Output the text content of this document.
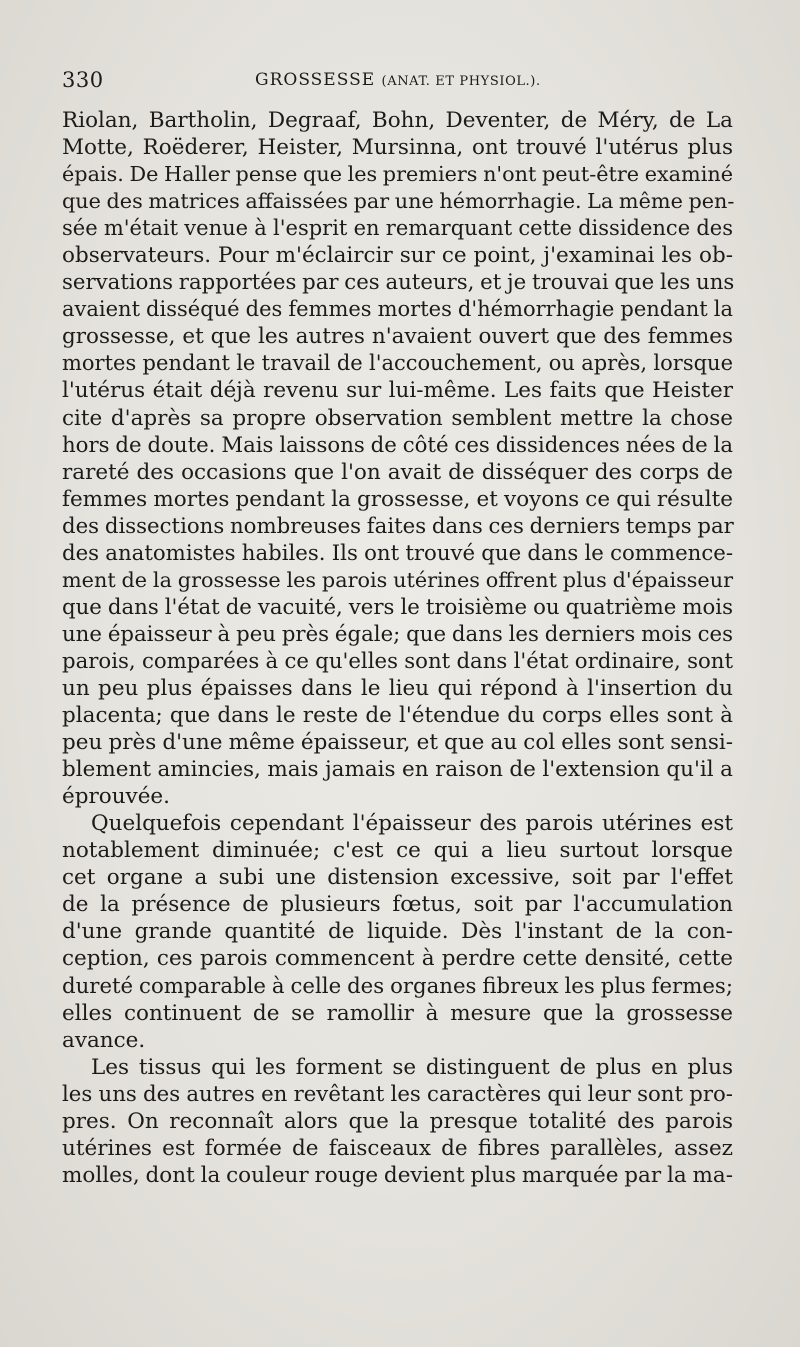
330	GROSSESSE (ANAT. ET PHYSIOL.).
Riolan, Bartholin, Degraaf, Bohn, Deventer, de Méry, de La
Motte, Roëderer, Heister, Mursinna, ont trouvé l'utérus plus
épais. De Haller pense que les premiers n'ont peut-être examiné
que des matrices affaissées par une hémorrhagie. La même pen-
sée m'était venue à l'esprit en remarquant cette dissidence des
observateurs. Pour m'éclaircir sur ce point, j'examinai les ob-
servations rapportées par ces auteurs, et je trouvai que les uns
avaient disséqué des femmes mortes d'hémorrhagie pendant la
grossesse, et que les autres n'avaient ouvert que des femmes
mortes pendant le travail de l'accouchement, ou après, lorsque
l'utérus était déjà revenu sur lui-même. Les faits que Heister
cite d'après sa propre observation semblent mettre la chose
hors de doute. Mais laissons de côté ces dissidences nées de la
rareté des occasions que l'on avait de disséquer des corps de
femmes mortes pendant la grossesse, et voyons ce qui résulte
des dissections nombreuses faites dans ces derniers temps par
des anatomistes habiles. Ils ont trouvé que dans le commence-
ment de la grossesse les parois utérines offrent plus d'épaisseur
que dans l'état de vacuité, vers le troisième ou quatrième mois
une épaisseur à peu près égale; que dans les derniers mois ces
parois, comparées à ce qu'elles sont dans l'état ordinaire, sont
un peu plus épaisses dans le lieu qui répond à l'insertion du
placenta; que dans le reste de l'étendue du corps elles sont à
peu près d'une même épaisseur, et que au col elles sont sensi-
blement amincies, mais jamais en raison de l'extension qu'il a
éprouvée.
Quelquefois cependant l'épaisseur des parois utérines est
notablement diminuée; c'est ce qui a lieu surtout lorsque
cet organe a subi une distension excessive, soit par l'effet
de la présence de plusieurs fœtus, soit par l'accumulation
d'une grande quantité de liquide. Dès l'instant de la con-
ception, ces parois commencent à perdre cette densité, cette
dureté comparable à celle des organes fibreux les plus fermes;
elles continuent de se ramollir à mesure que la grossesse
avance.
Les tissus qui les forment se distinguent de plus en plus
les uns des autres en revêtant les caractères qui leur sont pro-
pres. On reconnaît alors que la presque totalité des parois
utérines est formée de faisceaux de fibres parallèles, assez
molles, dont la couleur rouge devient plus marquée par la ma-
